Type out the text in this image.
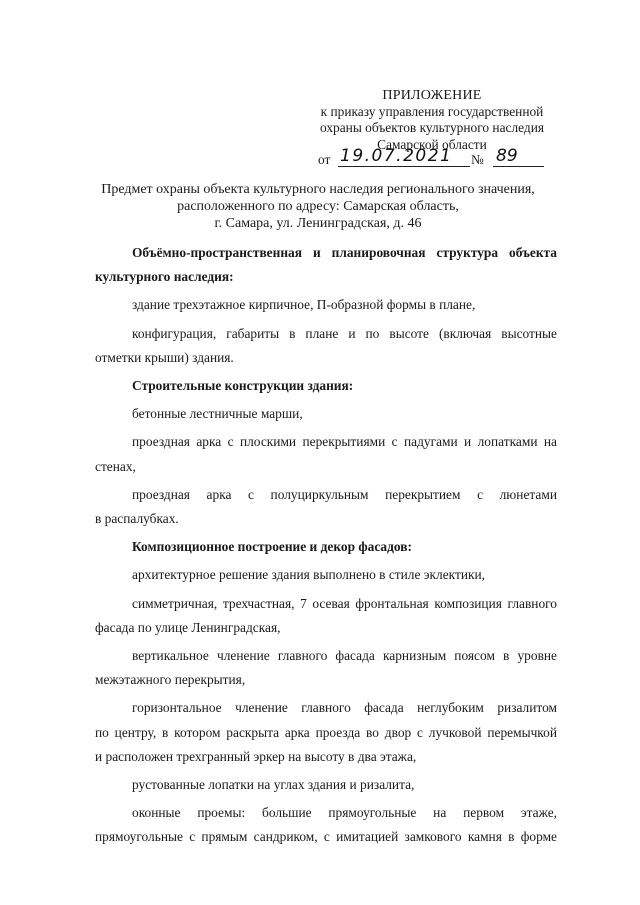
ПРИЛОЖЕНИЕ
к приказу управления государственной
охраны объектов культурного наследия
Самарской области
от 19.07.2021	№ 89
Предмет охраны объекта культурного наследия регионального значения,
расположенного по адресу: Самарская область,
г. Самара, ул. Ленинградская, д. 46

Объёмно-пространственная и планировочная структура объекта

культурного наследия:

здание трехэтажное кирпичное, П-образной формы в плане,

конфигурация, габариты в плане и по высоте (включая высотные

отметки крыши) здания.

Строительные конструкции здания:

бетонные лестничные марши,

проездная арка с плоскими перекрытиями с падугами и лопатками на

стенах,

проездная арка с полуциркульным перекрытием с люнетами

в распалубках.

Композиционное построение и декор фасадов:

архитектурное решение здания выполнено в стиле эклектики,

симметричная, трехчастная, 7 осевая фронтальная композиция главного

фасада по улице Ленинградская,

вертикальное членение главного фасада карнизным поясом в уровне

межэтажного перекрытия,

горизонтальное членение главного фасада неглубоким ризалитом

по центру, в котором раскрыта арка проезда во двор с лучковой перемычкой

и расположен трехгранный эркер на высоту в два этажа,

рустованные лопатки на углах здания и ризалита,

оконные проемы: большие прямоугольные на первом этаже,

прямоугольные с прямым сандриком, с имитацией замкового камня в форме
